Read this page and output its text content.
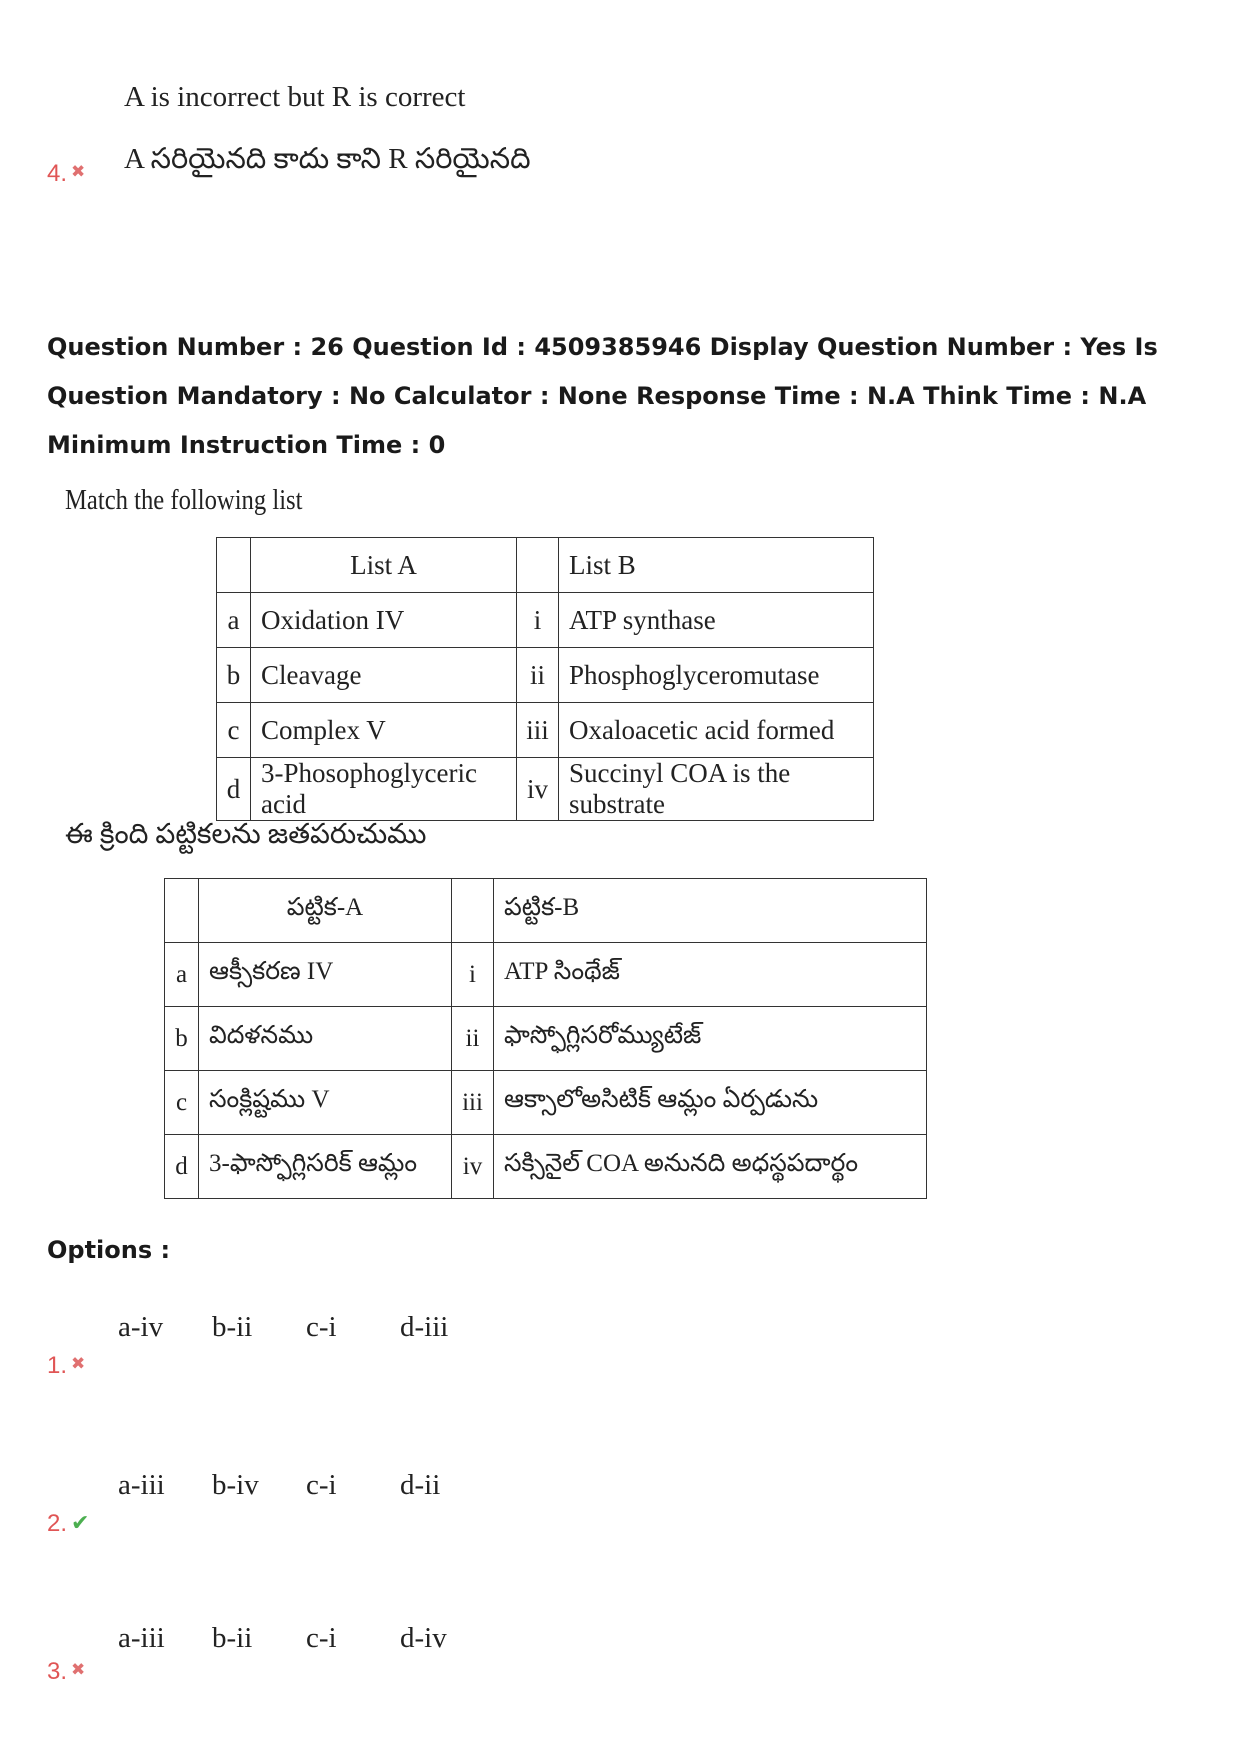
A is incorrect but R is correct
A సరియైనది కాదు కాని R సరియైనది
4. ✖
Question Number : 26 Question Id : 4509385946 Display Question Number : Yes Is Question Mandatory : No Calculator : None Response Time : N.A Think Time : N.A Minimum Instruction Time : 0
Match the following list
	List A		List B
a	Oxidation IV	i	ATP synthase
b	Cleavage	ii	Phosphoglyceromutase
c	Complex V	iii	Oxaloacetic acid formed
d	3-Phosophoglyceric acid	iv	Succinyl COA is the substrate
ఈ క్రింది పట్టికలను జతపరుచుము
	పట్టిక-A		పట్టిక-B
a	ఆక్సీకరణ IV	i	ATP సింథేజ్
b	విదళనము	ii	ఫాస్ఫోగ్లిసరోమ్యుటేజ్
c	సంక్లిష్టము V	iii	ఆక్సాలోఅసిటిక్ ఆమ్లం ఏర్పడును
d	3-ఫాస్ఫోగ్లిసరిక్ ఆమ్లం	iv	సక్సినైల్ COA అనునది అధస్థపదార్థం
Options :
a-iv	b-ii	c-i	d-iii
1. ✖
a-iii	b-iv	c-i	d-ii
2. ✔
a-iii	b-ii	c-i	d-iv
3. ✖
